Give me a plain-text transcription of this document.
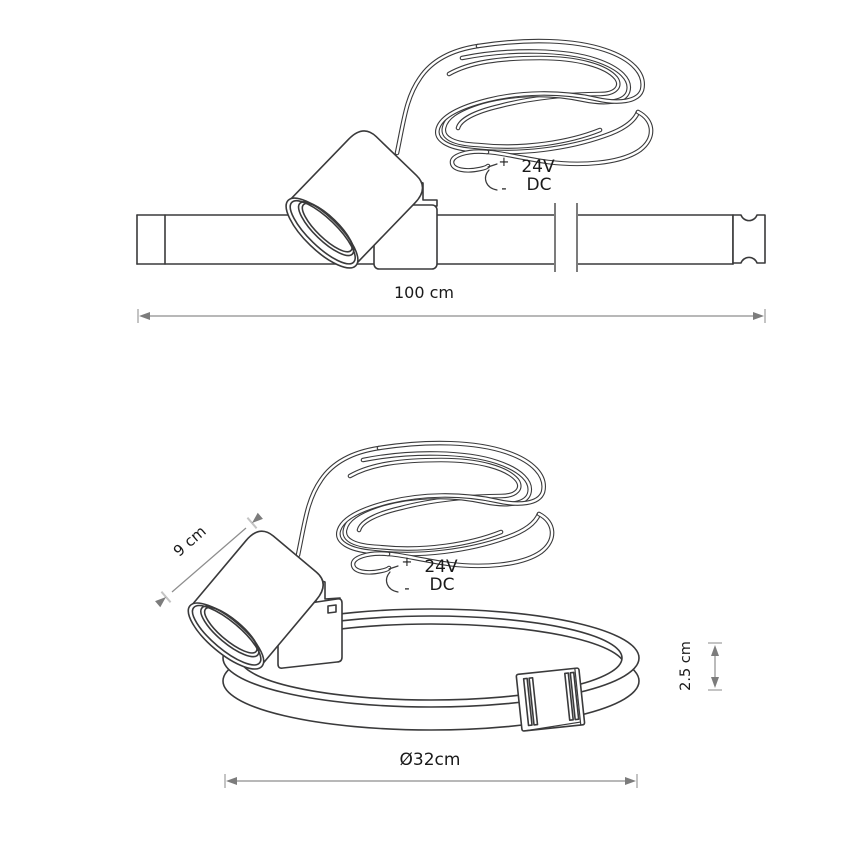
+ 24V
- DC
100 cm
9 cm
2.5 cm
Ø32cm
